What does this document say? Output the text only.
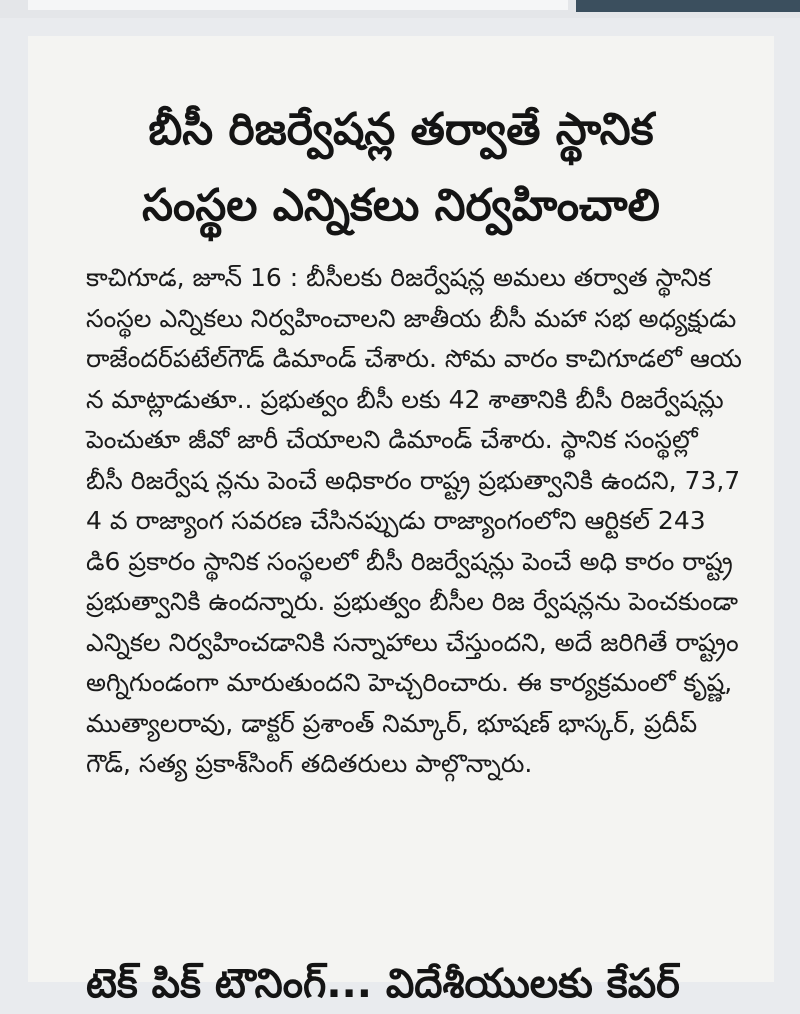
బీసీ రిజర్వేషన్ల తర్వాతే స్థానిక
సంస్థల ఎన్నికలు నిర్వహించాలి

కాచిగూడ, జూన్ 16 : బీసీలకు రిజర్వేషన్ల అమలు తర్వాత స్థానిక సంస్థల ఎన్నికలు నిర్వహించాలని జాతీయ బీసీ మహా సభ అధ్యక్షుడు రాజేందర్‌పటేల్‌గౌడ్ డిమాండ్ చేశారు. సోమ వారం కాచిగూడలో ఆయన మాట్లాడుతూ.. ప్రభుత్వం బీసీ లకు 42 శాతానికి బీసీ రిజర్వేషన్లు పెంచుతూ జీవో జారీ చేయాలని డిమాండ్ చేశారు. స్థానిక సంస్థల్లో బీసీ రిజర్వేష న్లను పెంచే అధికారం రాష్ట్ర ప్రభుత్వానికి ఉందని, 73,74 వ రాజ్యాంగ సవరణ చేసినప్పుడు రాజ్యాంగంలోని ఆర్టికల్ 243 డి6 ప్రకారం స్థానిక సంస్థలలో బీసీ రిజర్వేషన్లు పెంచే అధి కారం రాష్ట్ర ప్రభుత్వానికి ఉందన్నారు. ప్రభుత్వం బీసీల రిజ ర్వేషన్లను పెంచకుండా ఎన్నికల నిర్వహించడానికి సన్నాహాలు చేస్తుందని, అదే జరిగితే రాష్ట్రం అగ్నిగుండంగా మారుతుందని హెచ్చరించారు. ఈ కార్యక్రమంలో కృష్ణ, ముత్యాలరావు, డాక్టర్ ప్రశాంత్ నిమ్కార్, భూషణ్ భాస్కర్, ప్రదీప్ గౌడ్, సత్య ప్రకాశ్‌సింగ్ తదితరులు పాల్గొన్నారు.

టెక్ పిక్ టౌనింగ్... విదేశీయులకు కేపర్
